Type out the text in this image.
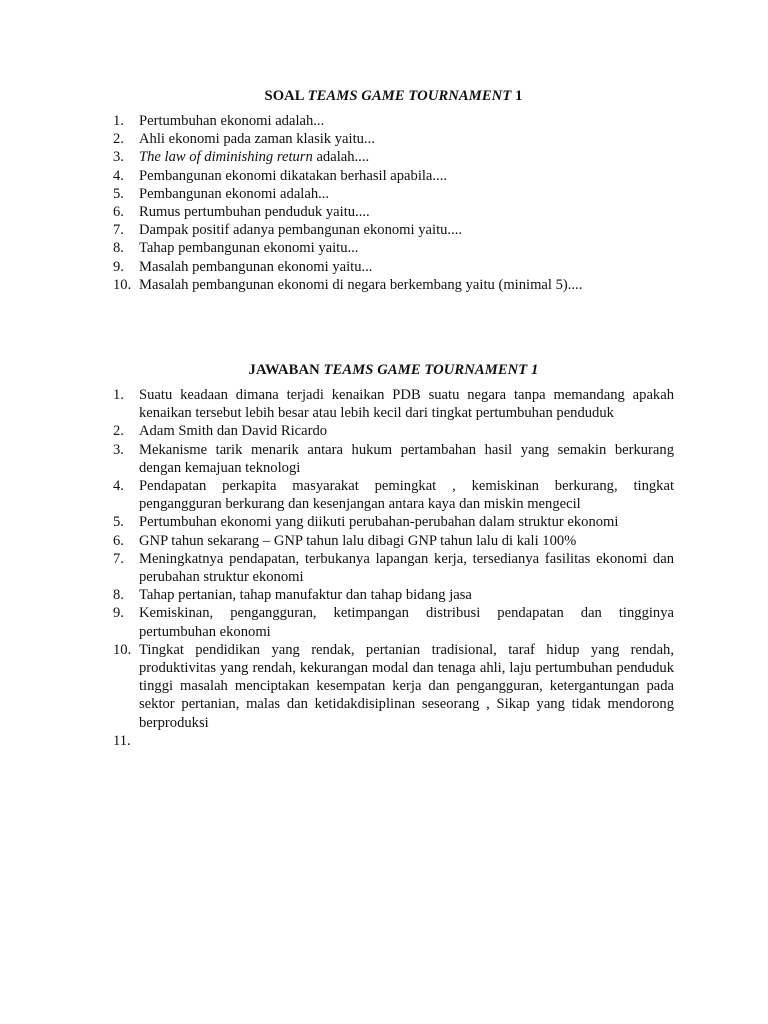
SOAL TEAMS GAME TOURNAMENT 1
1.	Pertumbuhan ekonomi adalah...
2.	Ahli ekonomi pada zaman klasik yaitu...
3.	The law of diminishing return adalah....
4.	Pembangunan ekonomi dikatakan berhasil apabila....
5.	Pembangunan ekonomi adalah...
6.	Rumus pertumbuhan penduduk yaitu....
7.	Dampak positif adanya pembangunan ekonomi yaitu....
8.	Tahap pembangunan ekonomi yaitu...
9.	Masalah pembangunan ekonomi yaitu...
10. Masalah pembangunan ekonomi di negara berkembang yaitu (minimal 5)....
JAWABAN TEAMS GAME TOURNAMENT 1
1.	Suatu keadaan dimana terjadi kenaikan PDB suatu negara tanpa memandang apakah kenaikan tersebut lebih besar atau lebih kecil dari tingkat pertumbuhan penduduk
2.	Adam Smith dan David Ricardo
3.	Mekanisme tarik menarik antara hukum pertambahan hasil yang semakin berkurang dengan kemajuan teknologi
4.	Pendapatan perkapita masyarakat pemingkat , kemiskinan berkurang, tingkat pengangguran berkurang dan kesenjangan antara kaya dan miskin mengecil
5.	Pertumbuhan ekonomi yang diikuti perubahan-perubahan dalam struktur ekonomi
6.	GNP tahun sekarang – GNP tahun lalu dibagi GNP tahun lalu di kali 100%
7.	Meningkatnya pendapatan, terbukanya lapangan kerja, tersedianya fasilitas ekonomi dan perubahan struktur ekonomi
8.	Tahap pertanian, tahap manufaktur dan tahap bidang jasa
9.	Kemiskinan, pengangguran, ketimpangan distribusi pendapatan dan tingginya pertumbuhan ekonomi
10. Tingkat pendidikan yang rendak, pertanian tradisional, taraf hidup yang rendah, produktivitas yang rendah, kekurangan modal dan tenaga ahli, laju pertumbuhan penduduk tinggi masalah menciptakan kesempatan kerja dan pengangguran, ketergantungan pada sektor pertanian, malas dan ketidakdisiplinan seseorang , Sikap yang tidak mendorong berproduksi
11.
